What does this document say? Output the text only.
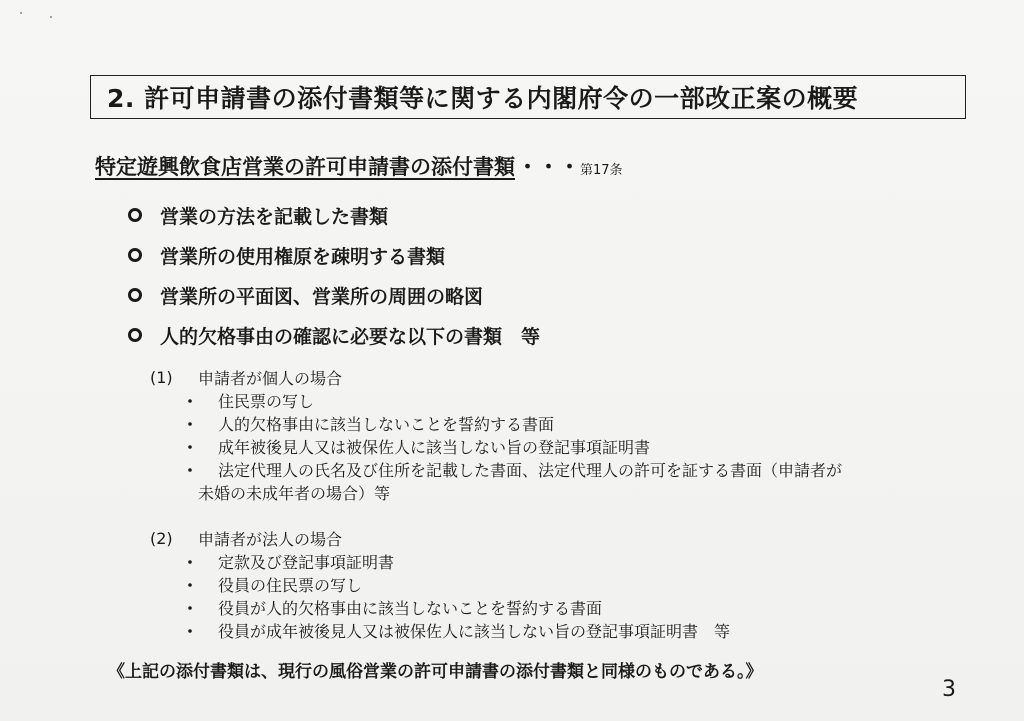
2. 許可申請書の添付書類等に関する内閣府令の一部改正案の概要
特定遊興飲食店営業の許可申請書の添付書類・・・第17条
営業の方法を記載した書類
営業所の使用権原を疎明する書類
営業所の平面図、営業所の周囲の略図
人的欠格事由の確認に必要な以下の書類　等
(1)	申請者が個人の場合
・	住民票の写し
・	人的欠格事由に該当しないことを誓約する書面
・	成年被後見人又は被保佐人に該当しない旨の登記事項証明書
・	法定代理人の氏名及び住所を記載した書面、法定代理人の許可を証する書面（申請者が
未婚の未成年者の場合）等
(2)	申請者が法人の場合
・	定款及び登記事項証明書
・	役員の住民票の写し
・	役員が人的欠格事由に該当しないことを誓約する書面
・	役員が成年被後見人又は被保佐人に該当しない旨の登記事項証明書　等
《上記の添付書類は、現行の風俗営業の許可申請書の添付書類と同様のものである。》
3
